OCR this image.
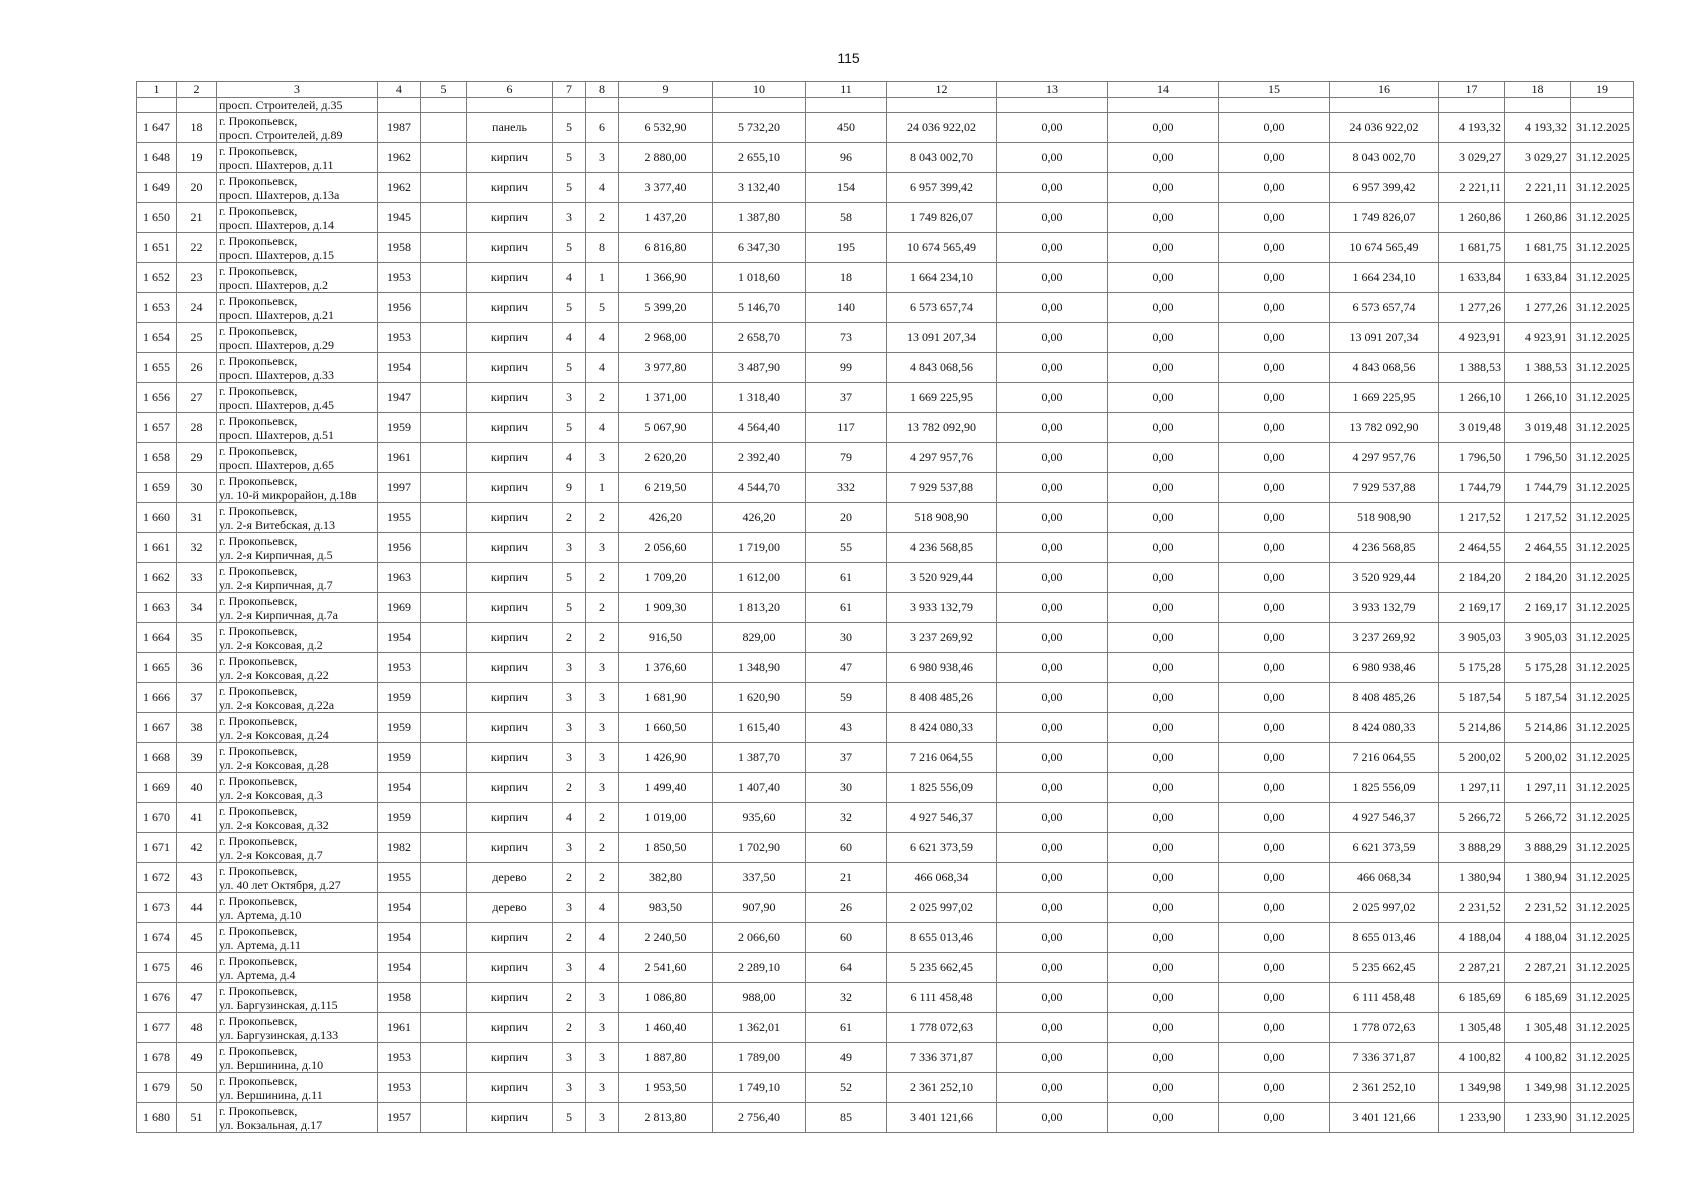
115
1	2	3	4	5	6	7	8	9	10	11	12	13	14	15	16	17	18	19
		просп. Строителей, д.35																
1 647	18	г. Прокопьевск,
просп. Строителей, д.89	1987		панель	5	6	6 532,90	5 732,20	450	24 036 922,02	0,00	0,00	0,00	24 036 922,02	4 193,32	4 193,32	31.12.2025
1 648	19	г. Прокопьевск,
просп. Шахтеров, д.11	1962		кирпич	5	3	2 880,00	2 655,10	96	8 043 002,70	0,00	0,00	0,00	8 043 002,70	3 029,27	3 029,27	31.12.2025
1 649	20	г. Прокопьевск,
просп. Шахтеров, д.13а	1962		кирпич	5	4	3 377,40	3 132,40	154	6 957 399,42	0,00	0,00	0,00	6 957 399,42	2 221,11	2 221,11	31.12.2025
1 650	21	г. Прокопьевск,
просп. Шахтеров, д.14	1945		кирпич	3	2	1 437,20	1 387,80	58	1 749 826,07	0,00	0,00	0,00	1 749 826,07	1 260,86	1 260,86	31.12.2025
1 651	22	г. Прокопьевск,
просп. Шахтеров, д.15	1958		кирпич	5	8	6 816,80	6 347,30	195	10 674 565,49	0,00	0,00	0,00	10 674 565,49	1 681,75	1 681,75	31.12.2025
1 652	23	г. Прокопьевск,
просп. Шахтеров, д.2	1953		кирпич	4	1	1 366,90	1 018,60	18	1 664 234,10	0,00	0,00	0,00	1 664 234,10	1 633,84	1 633,84	31.12.2025
1 653	24	г. Прокопьевск,
просп. Шахтеров, д.21	1956		кирпич	5	5	5 399,20	5 146,70	140	6 573 657,74	0,00	0,00	0,00	6 573 657,74	1 277,26	1 277,26	31.12.2025
1 654	25	г. Прокопьевск,
просп. Шахтеров, д.29	1953		кирпич	4	4	2 968,00	2 658,70	73	13 091 207,34	0,00	0,00	0,00	13 091 207,34	4 923,91	4 923,91	31.12.2025
1 655	26	г. Прокопьевск,
просп. Шахтеров, д.33	1954		кирпич	5	4	3 977,80	3 487,90	99	4 843 068,56	0,00	0,00	0,00	4 843 068,56	1 388,53	1 388,53	31.12.2025
1 656	27	г. Прокопьевск,
просп. Шахтеров, д.45	1947		кирпич	3	2	1 371,00	1 318,40	37	1 669 225,95	0,00	0,00	0,00	1 669 225,95	1 266,10	1 266,10	31.12.2025
1 657	28	г. Прокопьевск,
просп. Шахтеров, д.51	1959		кирпич	5	4	5 067,90	4 564,40	117	13 782 092,90	0,00	0,00	0,00	13 782 092,90	3 019,48	3 019,48	31.12.2025
1 658	29	г. Прокопьевск,
просп. Шахтеров, д.65	1961		кирпич	4	3	2 620,20	2 392,40	79	4 297 957,76	0,00	0,00	0,00	4 297 957,76	1 796,50	1 796,50	31.12.2025
1 659	30	г. Прокопьевск,
ул. 10-й микрорайон, д.18в	1997		кирпич	9	1	6 219,50	4 544,70	332	7 929 537,88	0,00	0,00	0,00	7 929 537,88	1 744,79	1 744,79	31.12.2025
1 660	31	г. Прокопьевск,
ул. 2-я Витебская, д.13	1955		кирпич	2	2	426,20	426,20	20	518 908,90	0,00	0,00	0,00	518 908,90	1 217,52	1 217,52	31.12.2025
1 661	32	г. Прокопьевск,
ул. 2-я Кирпичная, д.5	1956		кирпич	3	3	2 056,60	1 719,00	55	4 236 568,85	0,00	0,00	0,00	4 236 568,85	2 464,55	2 464,55	31.12.2025
1 662	33	г. Прокопьевск,
ул. 2-я Кирпичная, д.7	1963		кирпич	5	2	1 709,20	1 612,00	61	3 520 929,44	0,00	0,00	0,00	3 520 929,44	2 184,20	2 184,20	31.12.2025
1 663	34	г. Прокопьевск,
ул. 2-я Кирпичная, д.7а	1969		кирпич	5	2	1 909,30	1 813,20	61	3 933 132,79	0,00	0,00	0,00	3 933 132,79	2 169,17	2 169,17	31.12.2025
1 664	35	г. Прокопьевск,
ул. 2-я Коксовая, д.2	1954		кирпич	2	2	916,50	829,00	30	3 237 269,92	0,00	0,00	0,00	3 237 269,92	3 905,03	3 905,03	31.12.2025
1 665	36	г. Прокопьевск,
ул. 2-я Коксовая, д.22	1953		кирпич	3	3	1 376,60	1 348,90	47	6 980 938,46	0,00	0,00	0,00	6 980 938,46	5 175,28	5 175,28	31.12.2025
1 666	37	г. Прокопьевск,
ул. 2-я Коксовая, д.22а	1959		кирпич	3	3	1 681,90	1 620,90	59	8 408 485,26	0,00	0,00	0,00	8 408 485,26	5 187,54	5 187,54	31.12.2025
1 667	38	г. Прокопьевск,
ул. 2-я Коксовая, д.24	1959		кирпич	3	3	1 660,50	1 615,40	43	8 424 080,33	0,00	0,00	0,00	8 424 080,33	5 214,86	5 214,86	31.12.2025
1 668	39	г. Прокопьевск,
ул. 2-я Коксовая, д.28	1959		кирпич	3	3	1 426,90	1 387,70	37	7 216 064,55	0,00	0,00	0,00	7 216 064,55	5 200,02	5 200,02	31.12.2025
1 669	40	г. Прокопьевск,
ул. 2-я Коксовая, д.3	1954		кирпич	2	3	1 499,40	1 407,40	30	1 825 556,09	0,00	0,00	0,00	1 825 556,09	1 297,11	1 297,11	31.12.2025
1 670	41	г. Прокопьевск,
ул. 2-я Коксовая, д.32	1959		кирпич	4	2	1 019,00	935,60	32	4 927 546,37	0,00	0,00	0,00	4 927 546,37	5 266,72	5 266,72	31.12.2025
1 671	42	г. Прокопьевск,
ул. 2-я Коксовая, д.7	1982		кирпич	3	2	1 850,50	1 702,90	60	6 621 373,59	0,00	0,00	0,00	6 621 373,59	3 888,29	3 888,29	31.12.2025
1 672	43	г. Прокопьевск,
ул. 40 лет Октября, д.27	1955		дерево	2	2	382,80	337,50	21	466 068,34	0,00	0,00	0,00	466 068,34	1 380,94	1 380,94	31.12.2025
1 673	44	г. Прокопьевск,
ул. Артема, д.10	1954		дерево	3	4	983,50	907,90	26	2 025 997,02	0,00	0,00	0,00	2 025 997,02	2 231,52	2 231,52	31.12.2025
1 674	45	г. Прокопьевск,
ул. Артема, д.11	1954		кирпич	2	4	2 240,50	2 066,60	60	8 655 013,46	0,00	0,00	0,00	8 655 013,46	4 188,04	4 188,04	31.12.2025
1 675	46	г. Прокопьевск,
ул. Артема, д.4	1954		кирпич	3	4	2 541,60	2 289,10	64	5 235 662,45	0,00	0,00	0,00	5 235 662,45	2 287,21	2 287,21	31.12.2025
1 676	47	г. Прокопьевск,
ул. Баргузинская, д.115	1958		кирпич	2	3	1 086,80	988,00	32	6 111 458,48	0,00	0,00	0,00	6 111 458,48	6 185,69	6 185,69	31.12.2025
1 677	48	г. Прокопьевск,
ул. Баргузинская, д.133	1961		кирпич	2	3	1 460,40	1 362,01	61	1 778 072,63	0,00	0,00	0,00	1 778 072,63	1 305,48	1 305,48	31.12.2025
1 678	49	г. Прокопьевск,
ул. Вершинина, д.10	1953		кирпич	3	3	1 887,80	1 789,00	49	7 336 371,87	0,00	0,00	0,00	7 336 371,87	4 100,82	4 100,82	31.12.2025
1 679	50	г. Прокопьевск,
ул. Вершинина, д.11	1953		кирпич	3	3	1 953,50	1 749,10	52	2 361 252,10	0,00	0,00	0,00	2 361 252,10	1 349,98	1 349,98	31.12.2025
1 680	51	г. Прокопьевск,
ул. Вокзальная, д.17	1957		кирпич	5	3	2 813,80	2 756,40	85	3 401 121,66	0,00	0,00	0,00	3 401 121,66	1 233,90	1 233,90	31.12.2025
